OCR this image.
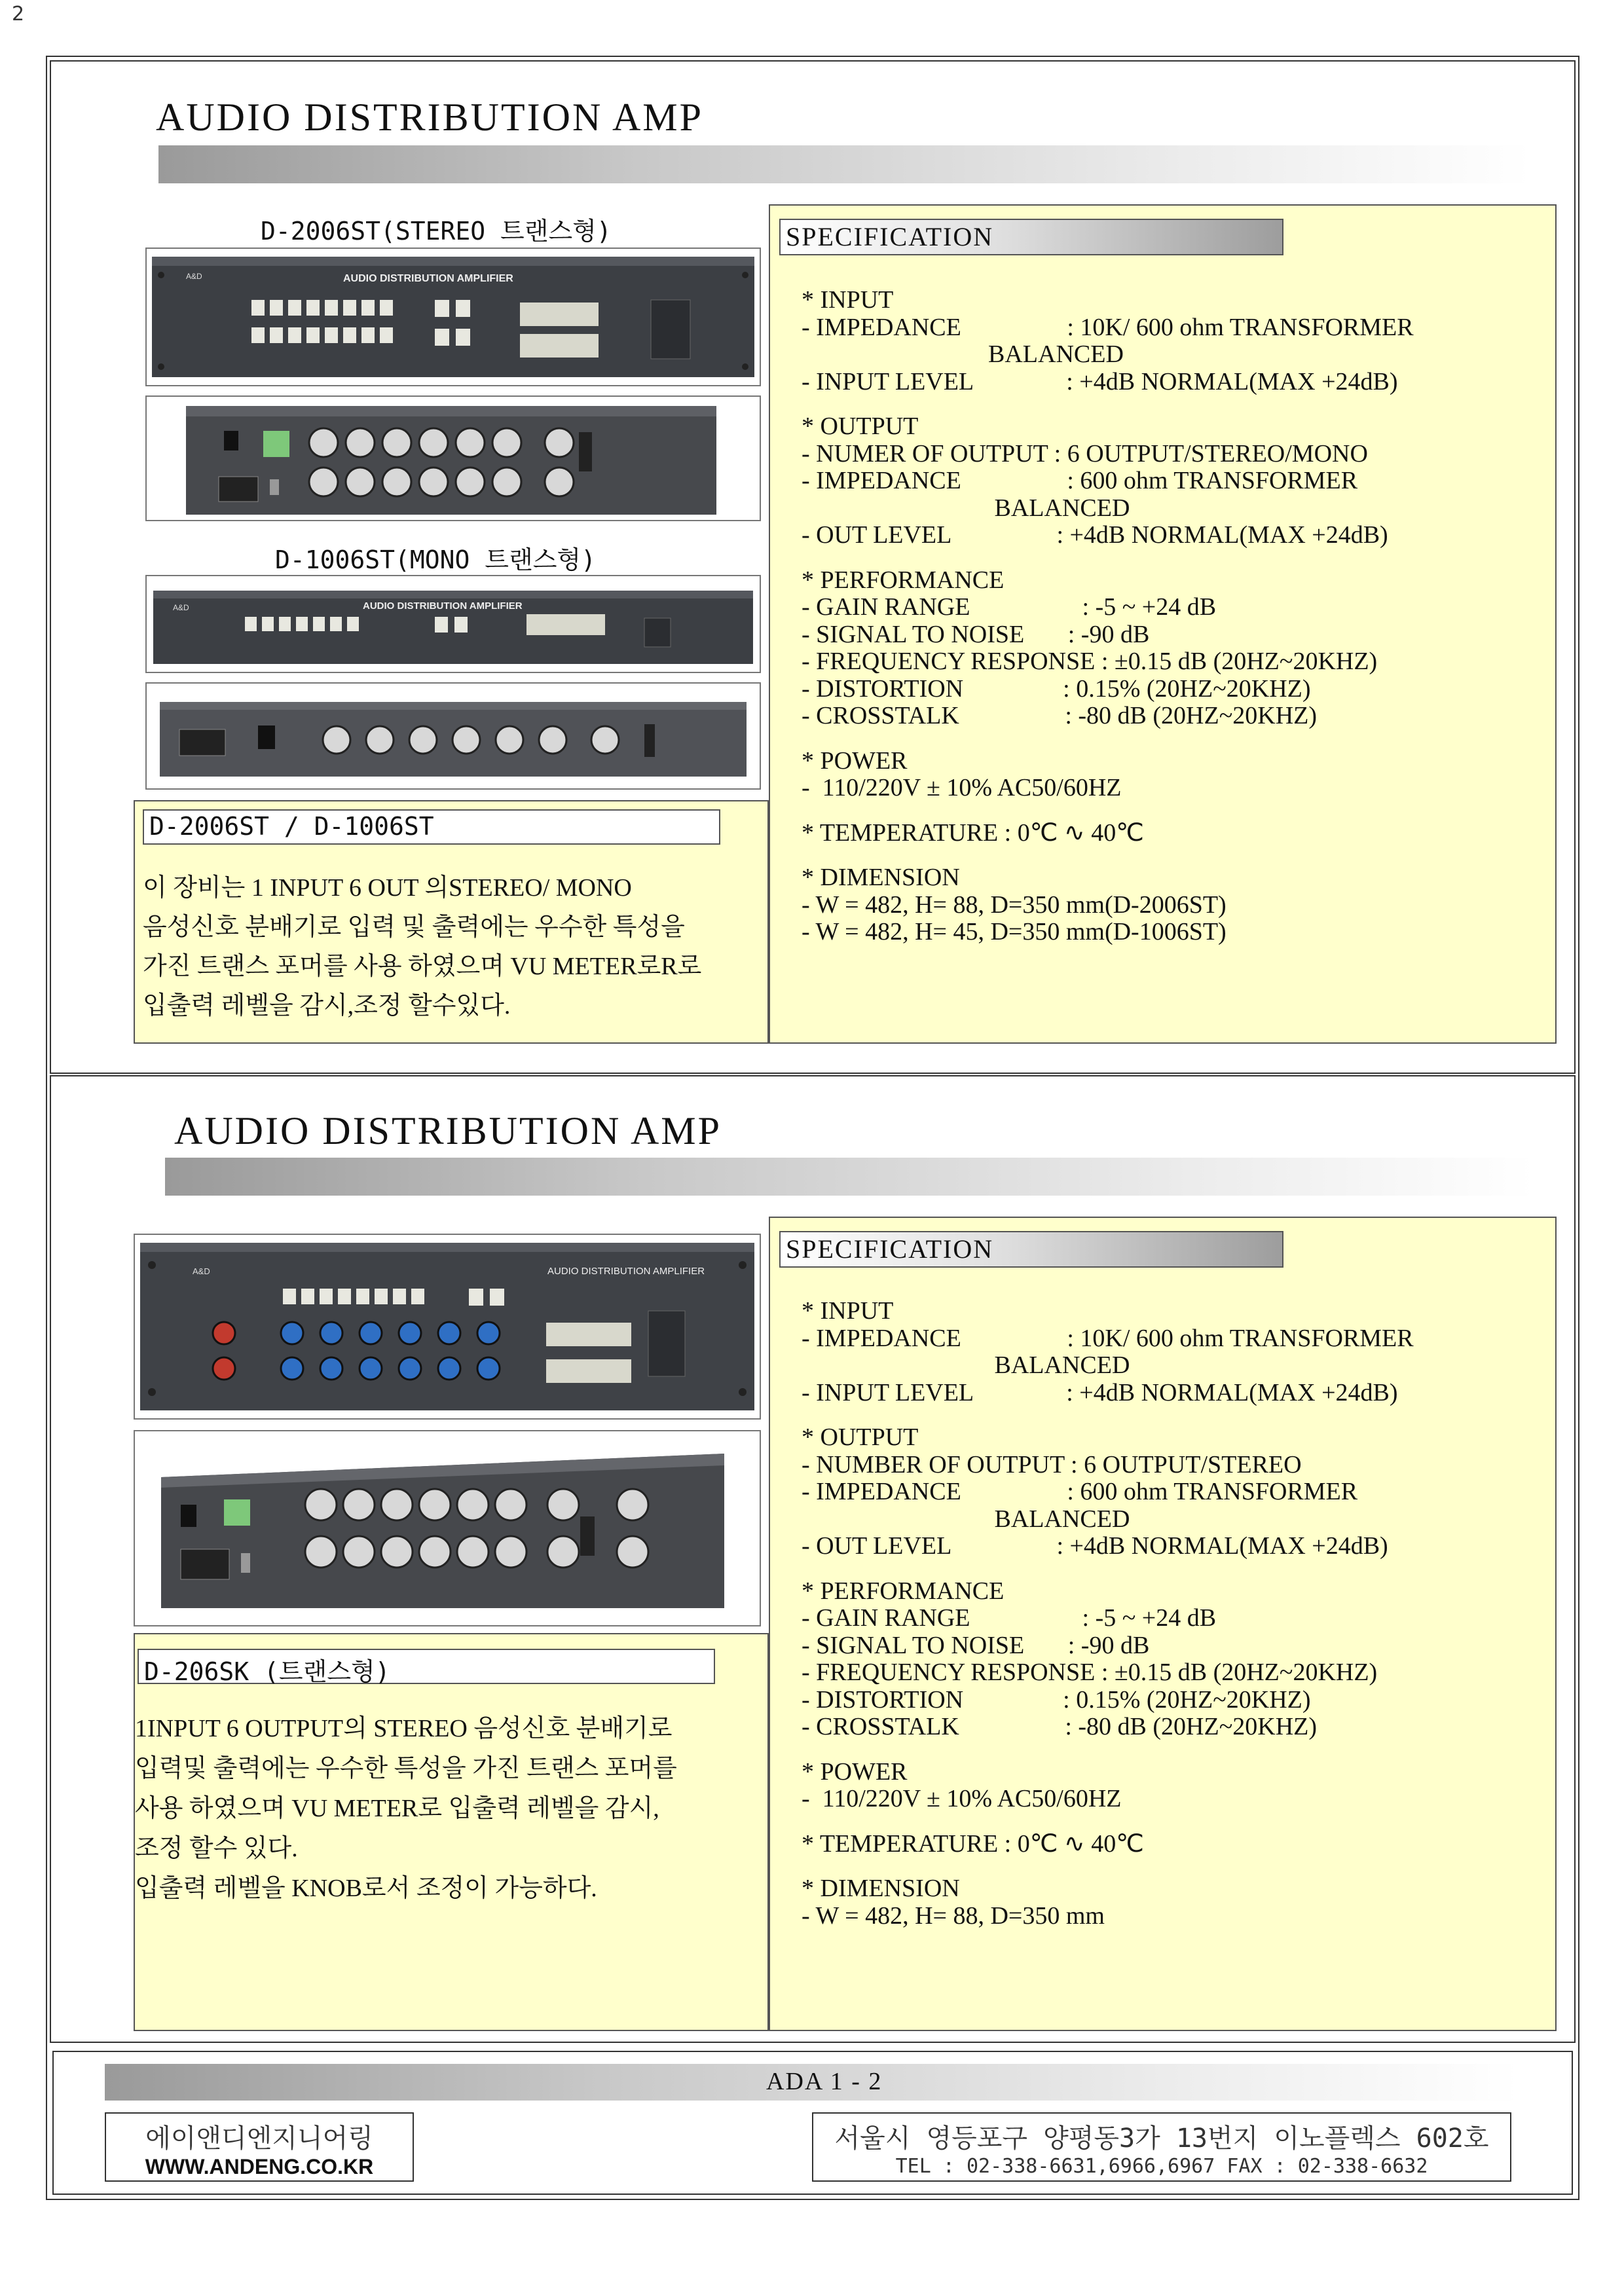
2
AUDIO DISTRIBUTION AMP
D-2006ST(STEREO 트랜스형)
A&D	AUDIO DISTRIBUTION AMPLIFIER
D-1006ST(MONO 트랜스형)
A&D	AUDIO DISTRIBUTION AMPLIFIER
D-2006ST / D-1006ST
이 장비는 1 INPUT 6 OUT 의STEREO/ MONO
음성신호 분배기로 입력 및 출력에는 우수한 특성을
가진 트랜스 포머를 사용 하였으며 VU METER로R로
입출력 레벨을 감시,조정 할수있다.
SPECIFICATION
* INPUT
- IMPEDANCE                 : 10K/ 600 ohm TRANSFORMER
BALANCED
- INPUT LEVEL               : +4dB NORMAL(MAX +24dB)
* OUTPUT
- NUMER OF OUTPUT : 6 OUTPUT/STEREO/MONO
- IMPEDANCE                 : 600 ohm TRANSFORMER
BALANCED
- OUT LEVEL                 : +4dB NORMAL(MAX +24dB)
* PERFORMANCE
- GAIN RANGE                  : -5 ~ +24 dB
- SIGNAL TO NOISE       : -90 dB
- FREQUENCY RESPONSE : ±0.15 dB (20HZ~20KHZ)
- DISTORTION                : 0.15% (20HZ~20KHZ)
- CROSSTALK                 : -80 dB (20HZ~20KHZ)
* POWER
-  110/220V ± 10% AC50/60HZ
* TEMPERATURE : 0℃ ∿ 40℃
* DIMENSION
- W = 482, H= 88, D=350 mm(D-2006ST)
- W = 482, H= 45, D=350 mm(D-1006ST)
AUDIO DISTRIBUTION AMP
A&D	AUDIO DISTRIBUTION AMPLIFIER
D-206SK (트랜스형)
1INPUT 6 OUTPUT의 STEREO 음성신호 분배기로
입력및 출력에는 우수한 특성을 가진 트랜스 포머를
사용 하였으며 VU METER로 입출력 레벨을 감시,
조정 할수 있다.
입출력 레벨을 KNOB로서 조정이 가능하다.
SPECIFICATION
* INPUT
- IMPEDANCE                 : 10K/ 600 ohm TRANSFORMER
BALANCED
- INPUT LEVEL               : +4dB NORMAL(MAX +24dB)
* OUTPUT
- NUMBER OF OUTPUT : 6 OUTPUT/STEREO
- IMPEDANCE                 : 600 ohm TRANSFORMER
BALANCED
- OUT LEVEL                 : +4dB NORMAL(MAX +24dB)
* PERFORMANCE
- GAIN RANGE                  : -5 ~ +24 dB
- SIGNAL TO NOISE       : -90 dB
- FREQUENCY RESPONSE : ±0.15 dB (20HZ~20KHZ)
- DISTORTION                : 0.15% (20HZ~20KHZ)
- CROSSTALK                 : -80 dB (20HZ~20KHZ)
* POWER
-  110/220V ± 10% AC50/60HZ
* TEMPERATURE : 0℃ ∿ 40℃
* DIMENSION
- W = 482, H= 88, D=350 mm
ADA 1 - 2
에이앤디엔지니어링
WWW.ANDENG.CO.KR
서울시 영등포구 양평동3가 13번지 이노플렉스 602호
TEL : 02-338-6631,6966,6967 FAX : 02-338-6632
